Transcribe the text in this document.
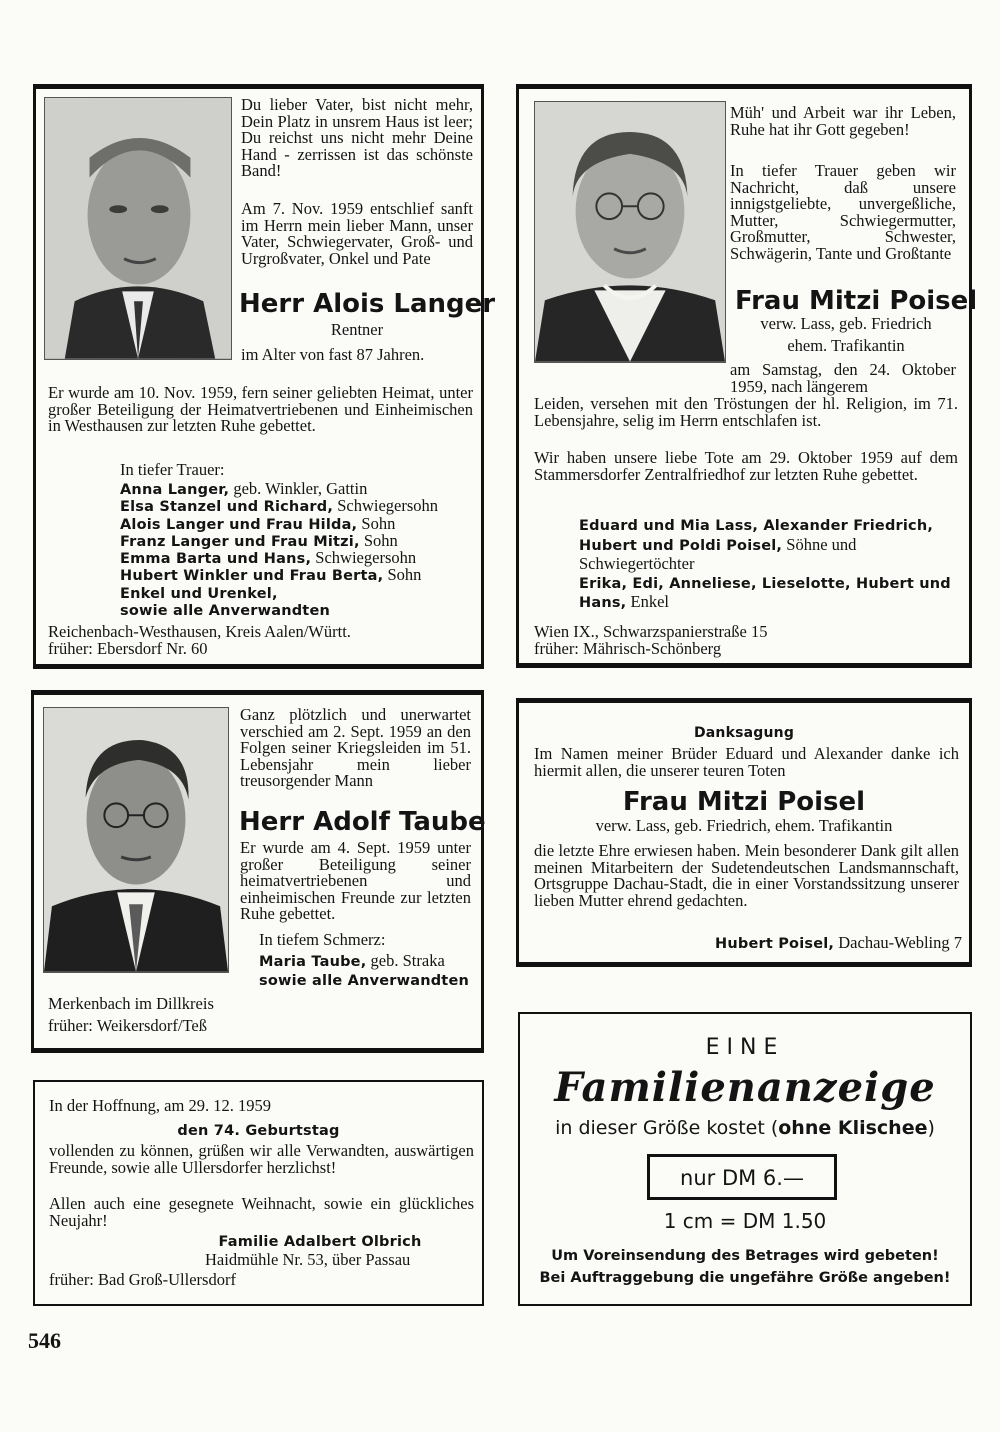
Du lieber Vater, bist nicht mehr, Dein Platz in unsrem Haus ist leer; Du reichst uns nicht mehr Deine Hand - zerrissen ist das schönste Band!

Am 7. Nov. 1959 entschlief sanft im Herrn mein lieber Mann, unser Vater, Schwiegervater, Groß- und Urgroßvater, Onkel und Pate

Herr Alois Langer

Rentner

im Alter von fast 87 Jahren.

Er wurde am 10. Nov. 1959, fern seiner geliebten Heimat, unter großer Beteiligung der Heimatvertriebenen und Einheimischen in Westhausen zur letzten Ruhe gebettet.

In tiefer Trauer:

Anna Langer, geb. Winkler, Gattin
Elsa Stanzel und Richard, Schwiegersohn
Alois Langer und Frau Hilda, Sohn
Franz Langer und Frau Mitzi, Sohn
Emma Barta und Hans, Schwiegersohn
Hubert Winkler und Frau Berta, Sohn
Enkel und Urenkel,
sowie alle Anverwandten

Reichenbach-Westhausen, Kreis Aalen/Württ.

früher: Ebersdorf Nr. 60

Müh' und Arbeit war ihr Leben, Ruhe hat ihr Gott gegeben!

In tiefer Trauer geben wir Nachricht, daß unsere innigstgeliebte, unvergeßliche, Mutter, Schwiegermutter, Großmutter, Schwester, Schwägerin, Tante und Großtante

Frau Mitzi Poisel

verw. Lass, geb. Friedrich

ehem. Trafikantin

am Samstag, den 24. Oktober 1959, nach längerem

Leiden, versehen mit den Tröstungen der hl. Religion, im 71. Lebensjahre, selig im Herrn entschlafen ist.

Wir haben unsere liebe Tote am 29. Oktober 1959 auf dem Stammersdorfer Zentralfriedhof zur letzten Ruhe gebettet.

Eduard und Mia Lass, Alexander Friedrich,
Hubert und Poldi Poisel, Söhne und
Schwiegertöchter
Erika, Edi, Anneliese, Lieselotte, Hubert und
Hans, Enkel

Wien IX., Schwarzspanierstraße 15

früher: Mährisch-Schönberg

Ganz plötzlich und unerwartet verschied am 2. Sept. 1959 an den Folgen seiner Kriegsleiden im 51. Lebensjahr mein lieber treusorgender Mann

Herr Adolf Taube

Er wurde am 4. Sept. 1959 unter großer Beteiligung seiner heimatvertriebenen und einheimischen Freunde zur letzten Ruhe gebettet.

In tiefem Schmerz:

Maria Taube, geb. Straka
sowie alle Anverwandten

Merkenbach im Dillkreis

früher: Weikersdorf/Teß

Danksagung

Im Namen meiner Brüder Eduard und Alexander danke ich hiermit allen, die unserer teuren Toten

Frau Mitzi Poisel

verw. Lass, geb. Friedrich, ehem. Trafikantin

die letzte Ehre erwiesen haben. Mein besonderer Dank gilt allen meinen Mitarbeitern der Sudetendeutschen Landsmannschaft, Ortsgruppe Dachau-Stadt, die in einer Vorstandssitzung unserer lieben Mutter ehrend gedachten.

Hubert Poisel, Dachau-Webling 7

In der Hoffnung, am 29. 12. 1959

den 74. Geburtstag

vollenden zu können, grüßen wir alle Verwandten, auswärtigen Freunde, sowie alle Ullersdorfer herzlichst!

Allen auch eine gesegnete Weihnacht, sowie ein glückliches Neujahr!

Familie Adalbert Olbrich

Haidmühle Nr. 53, über Passau

früher: Bad Groß-Ullersdorf

EINE

Familienanzeige

in dieser Größe kostet (ohne Klischee)

nur DM 6.—

1 cm = DM 1.50

Um Voreinsendung des Betrages wird gebeten!

Bei Auftraggebung die ungefähre Größe angeben!

546
